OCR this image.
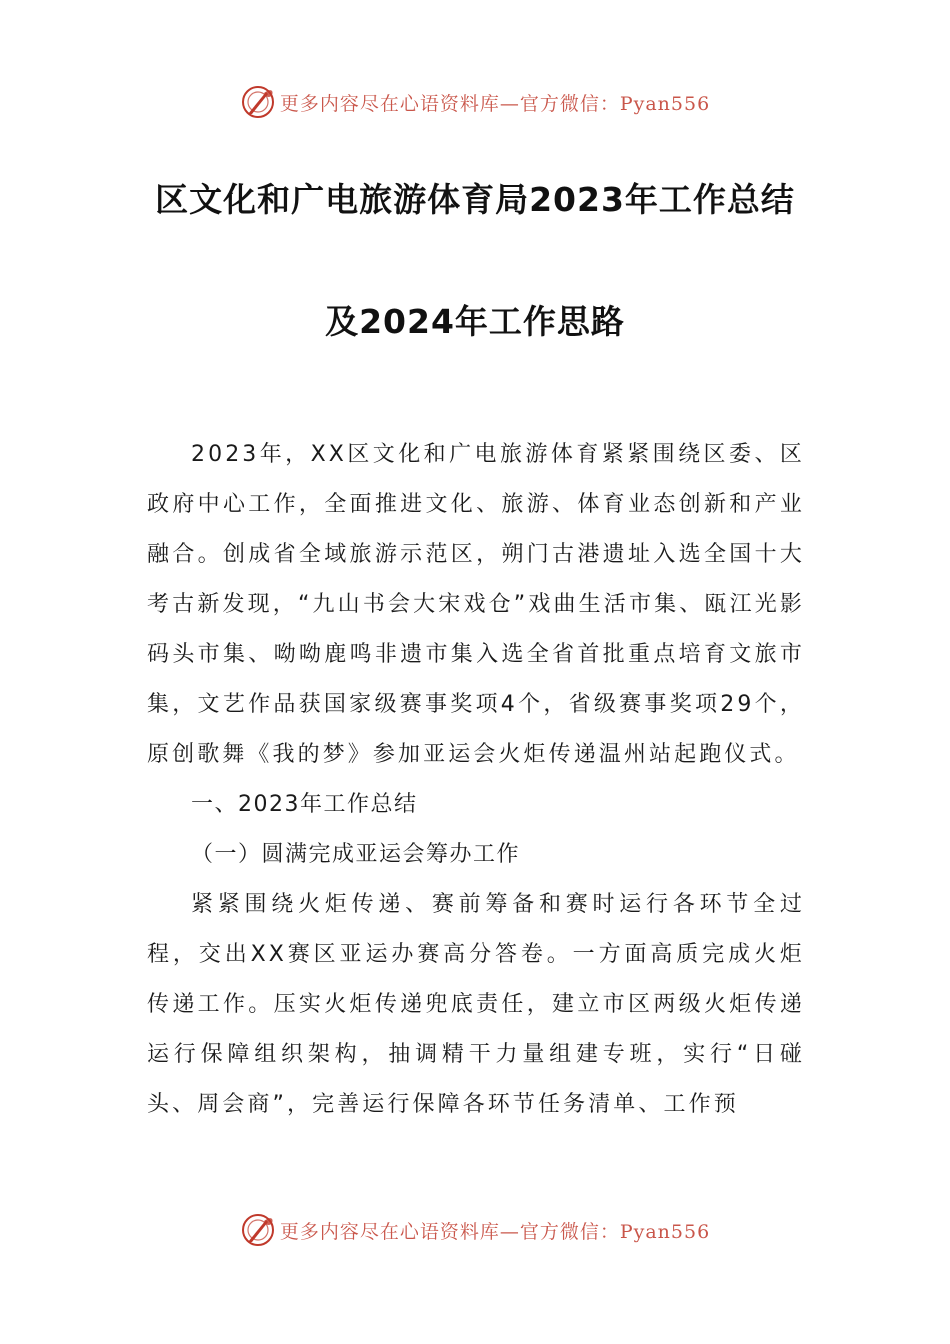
更多内容尽在心语资料库—官方微信：Pyan556
区文化和广电旅游体育局2023年工作总结
及2024年工作思路

2023年，XX区文化和广电旅游体育紧紧围绕区委、区政府中心工作，全面推进文化、旅游、体育业态创新和产业融合。创成省全域旅游示范区，朔门古港遗址入选全国十大考古新发现，“九山书会大宋戏仓”戏曲生活市集、瓯江光影码头市集、呦呦鹿鸣非遗市集入选全省首批重点培育文旅市集，文艺作品获国家级赛事奖项4个，省级赛事奖项29个，原创歌舞《我的梦》参加亚运会火炬传递温州站起跑仪式。

一、2023年工作总结

（一）圆满完成亚运会筹办工作

紧紧围绕火炬传递、赛前筹备和赛时运行各环节全过程，交出XX赛区亚运办赛高分答卷。一方面高质完成火炬传递工作。压实火炬传递兜底责任，建立市区两级火炬传递运行保障组织架构，抽调精干力量组建专班，实行“日碰头、周会商”，完善运行保障各环节任务清单、工作预

更多内容尽在心语资料库—官方微信：Pyan556
